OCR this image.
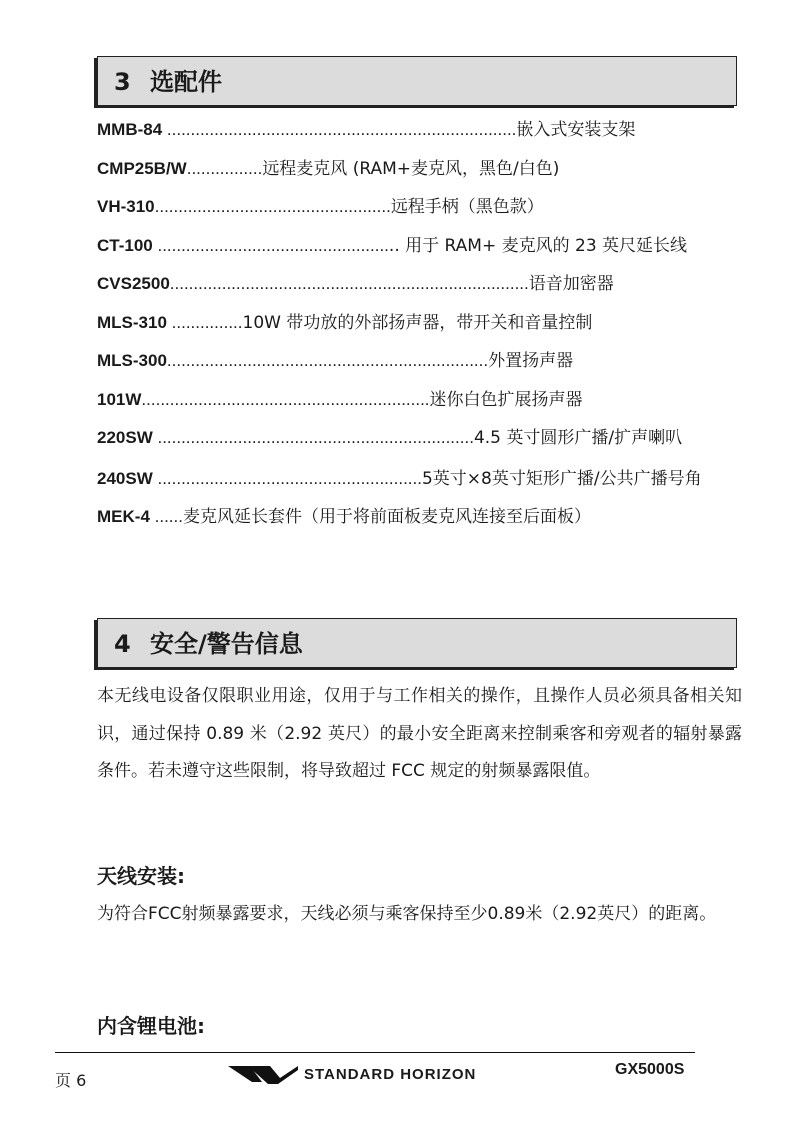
3 选配件
MMB-84 ..........................................................................嵌入式安装支架
CMP25B/W................远程麦克风 (RAM+麦克风，黑色/白色)
VH-310..................................................远程手柄（黑色款）
CT-100 ................................................... 用于 RAM+ 麦克风的 23 英尺延长线
CVS2500............................................................................语音加密器
MLS-310 ...............10W 带功放的外部扬声器，带开关和音量控制
MLS-300....................................................................外置扬声器
101W.............................................................迷你白色扩展扬声器
220SW ...................................................................4.5 英寸圆形广播/扩声喇叭
240SW ........................................................5英寸×8英寸矩形广播/公共广播号角
MEK-4 ......麦克风延长套件（用于将前面板麦克风连接至后面板）
4 安全/警告信息
本无线电设备仅限职业用途，仅用于与工作相关的操作，且操作人员必须具备相关知识，通过保持 0.89 米（2.92 英尺）的最小安全距离来控制乘客和旁观者的辐射暴露条件。若未遵守这些限制，将导致超过 FCC 规定的射频暴露限值。
天线安装:
为符合FCC射频暴露要求，天线必须与乘客保持至少0.89米（2.92英尺）的距离。
内含锂电池:
页 6	STANDARD HORIZON	GX5000S
